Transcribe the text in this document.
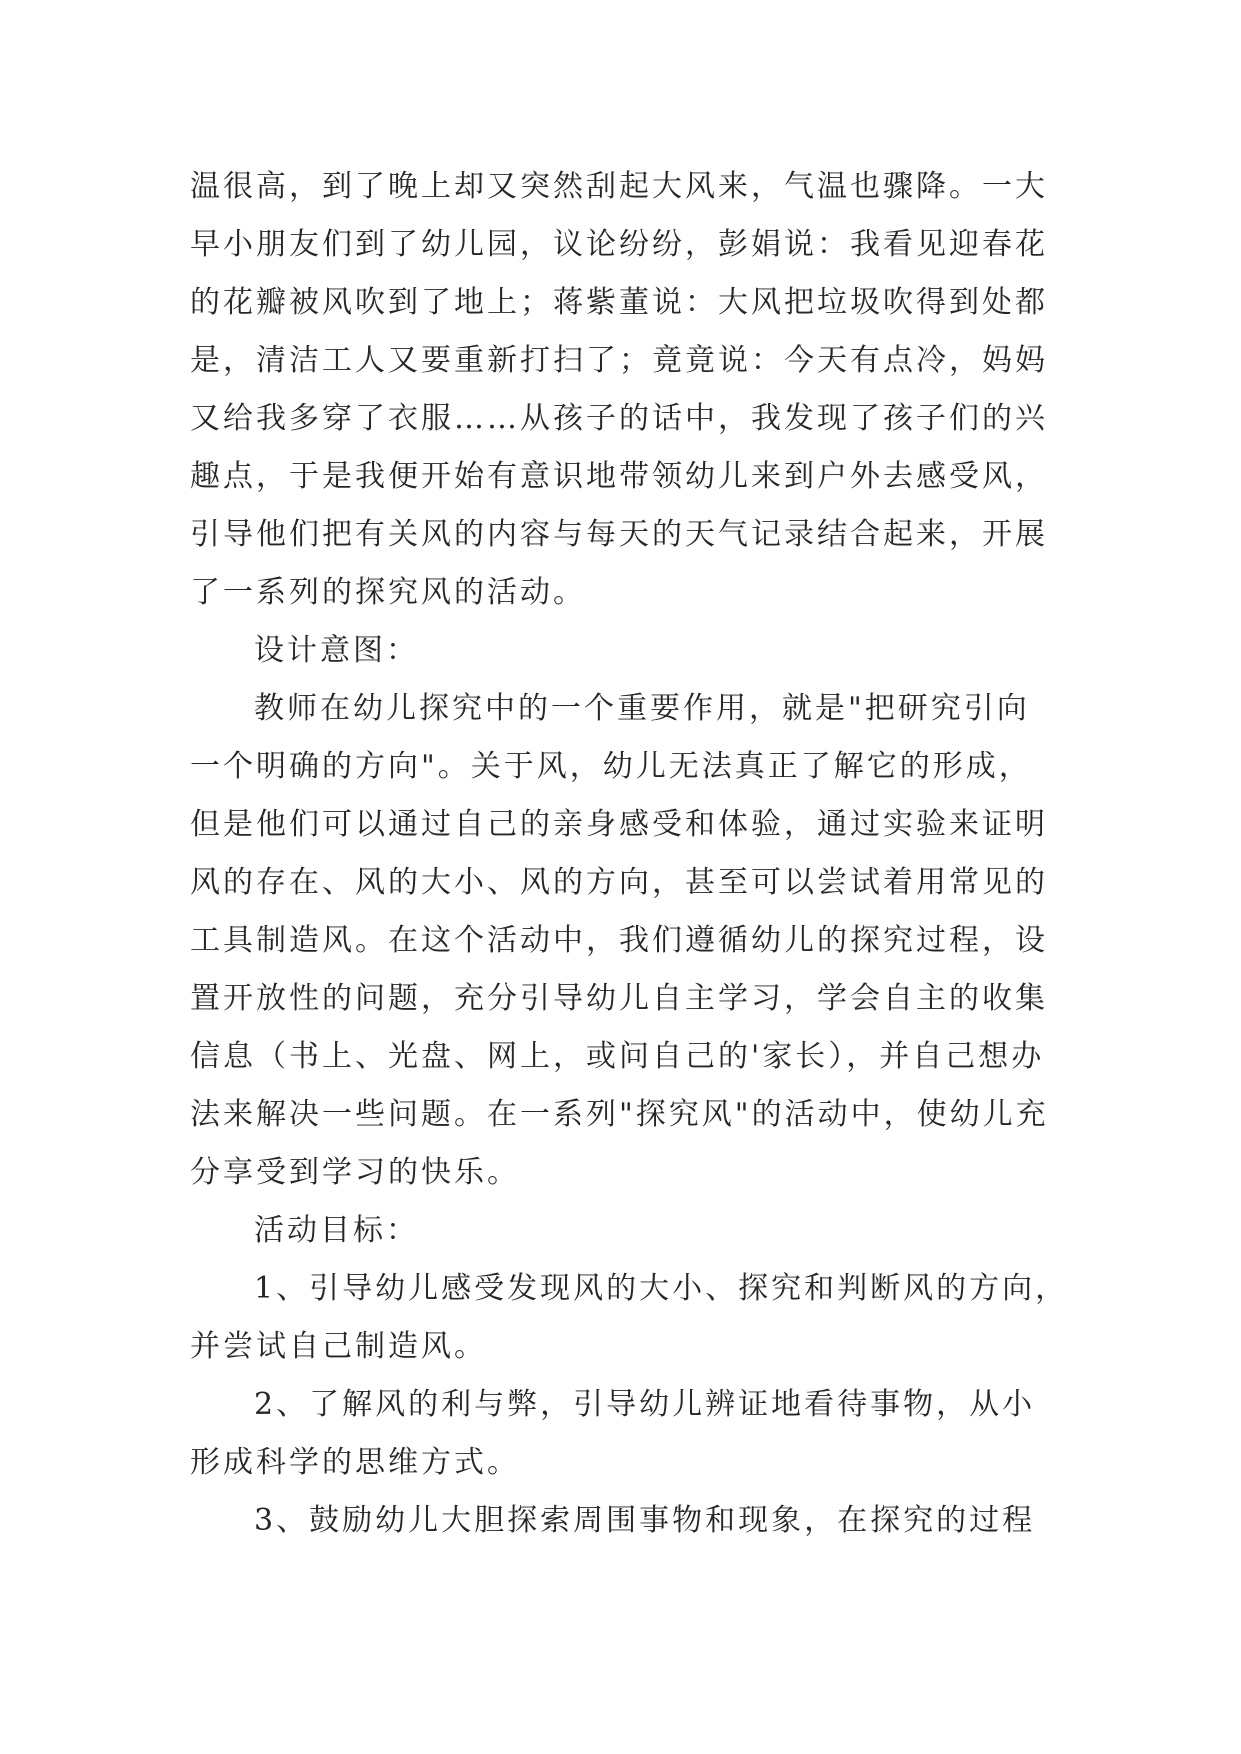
温很高，到了晚上却又突然刮起大风来，气温也骤降。一大
早小朋友们到了幼儿园，议论纷纷，彭娟说：我看见迎春花
的花瓣被风吹到了地上；蒋紫董说：大风把垃圾吹得到处都
是，清洁工人又要重新打扫了；竟竟说：今天有点冷，妈妈
又给我多穿了衣服……从孩子的话中，我发现了孩子们的兴
趣点，于是我便开始有意识地带领幼儿来到户外去感受风，
引导他们把有关风的内容与每天的天气记录结合起来，开展
了一系列的探究风的活动。
设计意图：
教师在幼儿探究中的一个重要作用，就是"把研究引向
一个明确的方向"。关于风，幼儿无法真正了解它的形成，
但是他们可以通过自己的亲身感受和体验，通过实验来证明
风的存在、风的大小、风的方向，甚至可以尝试着用常见的
工具制造风。在这个活动中，我们遵循幼儿的探究过程，设
置开放性的问题，充分引导幼儿自主学习，学会自主的收集
信息（书上、光盘、网上，或问自己的'家长），并自己想办
法来解决一些问题。在一系列"探究风"的活动中，使幼儿充
分享受到学习的快乐。
活动目标：
1、引导幼儿感受发现风的大小、探究和判断风的方向，
并尝试自己制造风。
2、了解风的利与弊，引导幼儿辨证地看待事物，从小
形成科学的思维方式。
3、鼓励幼儿大胆探索周围事物和现象，在探究的过程
